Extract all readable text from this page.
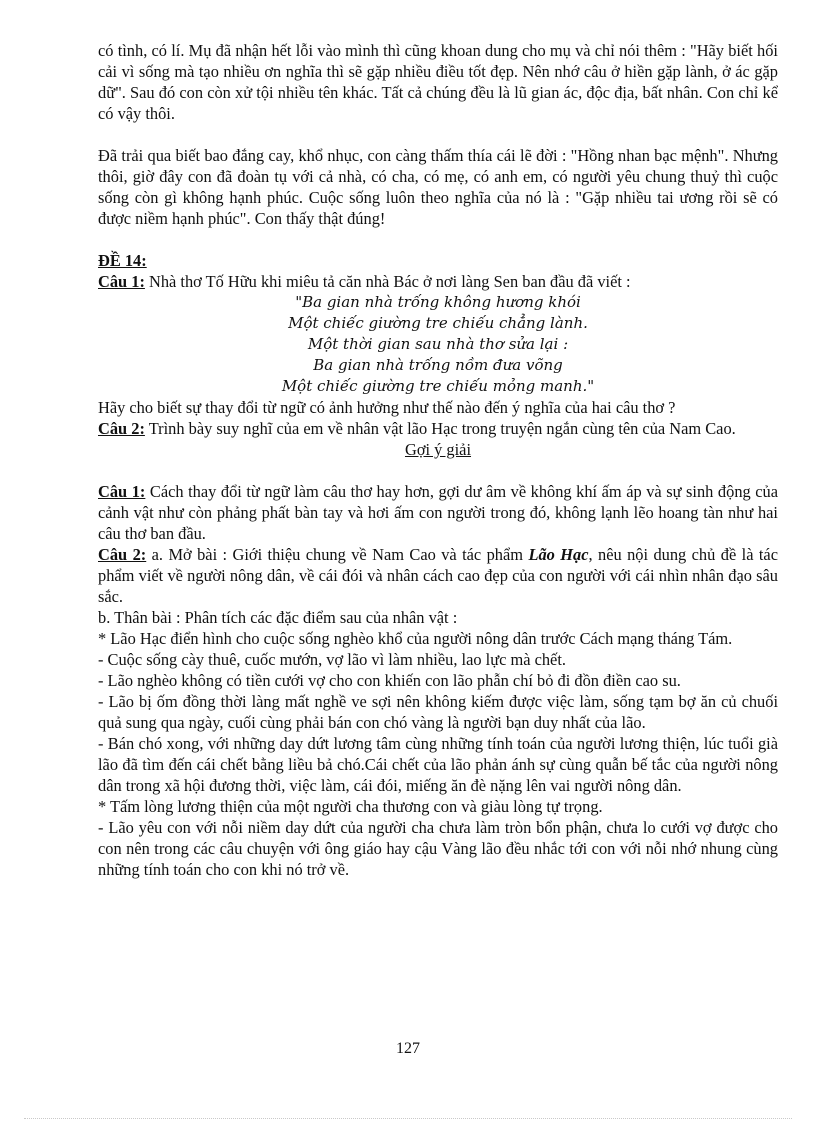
có tình, có lí. Mụ đã nhận hết lỗi vào mình thì cũng khoan dung cho mụ và chỉ nói thêm : "Hãy biết hối cải vì sống mà tạo nhiều ơn nghĩa thì sẽ gặp nhiều điều tốt đẹp. Nên nhớ câu ở hiền gặp lành, ở ác gặp dữ". Sau đó con còn xử tội nhiều tên khác. Tất cả chúng đều là lũ gian ác, độc địa, bất nhân. Con chỉ kể có vậy thôi.

Đã trải qua biết bao đắng cay, khổ nhục, con càng thấm thía cái lẽ đời : "Hồng nhan bạc mệnh". Nhưng thôi, giờ đây con đã đoàn tụ với cả nhà, có cha, có mẹ, có anh em, có người yêu chung thuỷ thì cuộc sống còn gì không hạnh phúc. Cuộc sống luôn theo nghĩa của nó là : "Gặp nhiều tai ương rồi sẽ có được niềm hạnh phúc". Con thấy thật đúng!

ĐỀ 14:

Câu 1: Nhà thơ Tố Hữu khi miêu tả căn nhà Bác ở nơi làng Sen ban đầu đã viết :

"Ba gian nhà trống không hương khói
Một chiếc giường tre chiếu chẳng lành.
Một thời gian sau nhà thơ sửa lại :
Ba gian nhà trống nồm đưa võng
Một chiếc giường tre chiếu mỏng manh."

Hãy cho biết sự thay đổi từ ngữ có ảnh hưởng như thế nào đến ý nghĩa của hai câu thơ ?

Câu 2: Trình bày suy nghĩ của em về nhân vật lão Hạc trong truyện ngắn cùng tên của Nam Cao.

Gợi ý giải

Câu 1: Cách thay đổi từ ngữ làm câu thơ hay hơn, gợi dư âm về không khí ấm áp và sự sinh động của cảnh vật như còn phảng phất bàn tay và hơi ấm con người trong đó, không lạnh lẽo hoang tàn như hai câu thơ ban đầu.

Câu 2: a. Mở bài : Giới thiệu chung về Nam Cao và tác phẩm Lão Hạc, nêu nội dung chủ đề là tác phẩm viết về người nông dân, về cái đói và nhân cách cao đẹp của con người với cái nhìn nhân đạo sâu sắc.

b. Thân bài : Phân tích các đặc điểm sau của nhân vật :

* Lão Hạc điển hình cho cuộc sống nghèo khổ của người nông dân trước Cách mạng tháng Tám.

- Cuộc sống cày thuê, cuốc mướn, vợ lão vì làm nhiều, lao lực mà chết.

- Lão nghèo không có tiền cưới vợ cho con khiến con lão phẫn chí bỏ đi đồn điền cao su.

- Lão bị ốm đồng thời làng mất nghề ve sợi nên không kiếm được việc làm, sống tạm bợ ăn củ chuối quả sung qua ngày, cuối cùng phải bán con chó vàng là người bạn duy nhất của lão.

- Bán chó xong, với những day dứt lương tâm cùng những tính toán của người lương thiện, lúc tuổi già lão đã tìm đến cái chết bằng liều bả chó.Cái chết của lão phản ánh sự cùng quẫn bế tắc của người nông dân trong xã hội đương thời, việc làm, cái đói, miếng ăn đè nặng lên vai người nông dân.

* Tấm lòng lương thiện của một người cha thương con và giàu lòng tự trọng.

- Lão yêu con với nỗi niềm day dứt của người cha chưa làm tròn bổn phận, chưa lo cưới vợ được cho con nên trong các câu chuyện với ông giáo hay cậu Vàng lão đều nhắc tới con với nỗi nhớ nhung cùng những tính toán cho con khi nó trở về.

127
